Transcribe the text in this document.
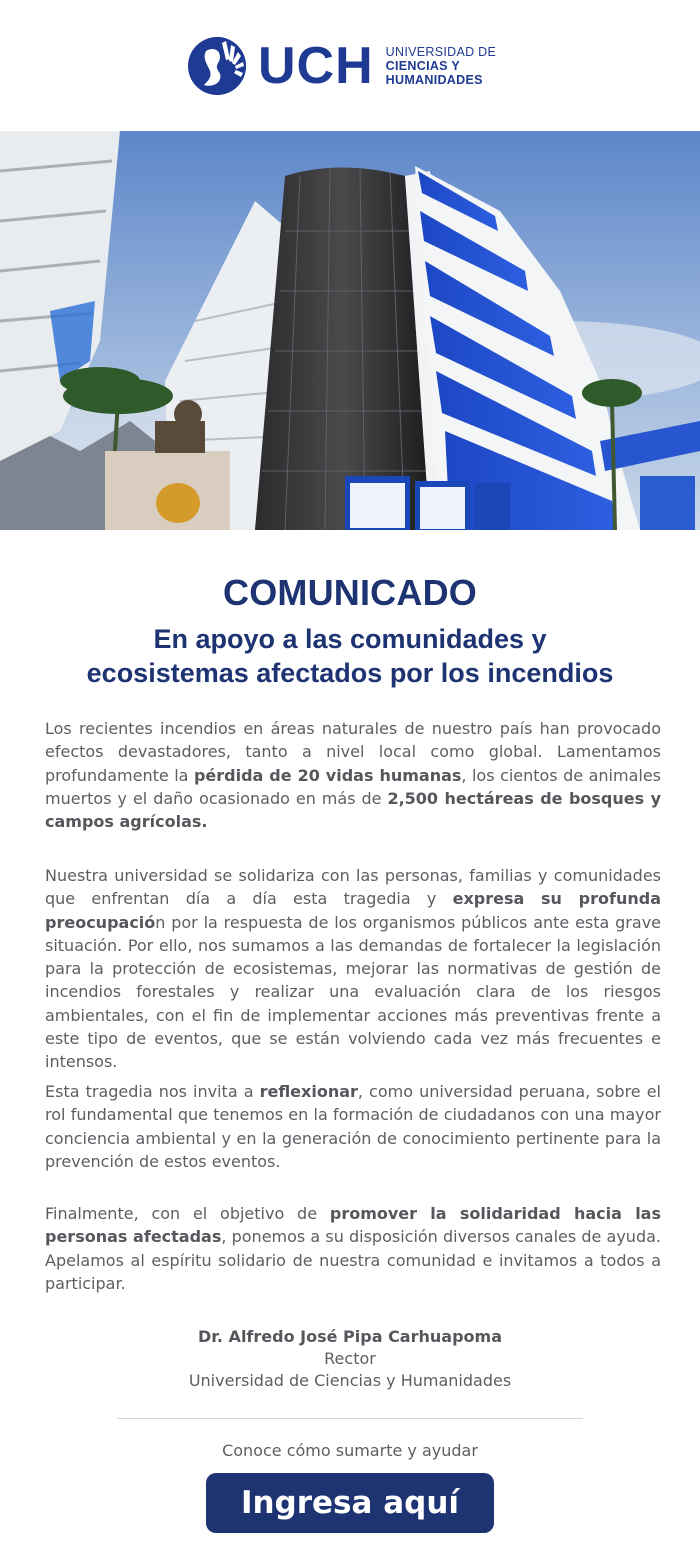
UCH UNIVERSIDAD DE
CIENCIAS Y
HUMANIDADES
COMUNICADO
En apoyo a las comunidades y
ecosistemas afectados por los incendios

Los recientes incendios en áreas naturales de nuestro país han provocado efectos devastadores, tanto a nivel local como global. Lamentamos profundamente la pérdida de 20 vidas humanas, los cientos de animales muertos y el daño ocasionado en más de 2,500 hectáreas de bosques y campos agrícolas.

Nuestra universidad se solidariza con las personas, familias y comunidades que enfrentan día a día esta tragedia y expresa su profunda preocupación por la respuesta de los organismos públicos ante esta grave situación. Por ello, nos sumamos a las demandas de fortalecer la legislación para la protección de ecosistemas, mejorar las normativas de gestión de incendios forestales y realizar una evaluación clara de los riesgos ambientales, con el fin de implementar acciones más preventivas frente a este tipo de eventos, que se están volviendo cada vez más frecuentes e intensos.

Esta tragedia nos invita a reflexionar, como universidad peruana, sobre el rol fundamental que tenemos en la formación de ciudadanos con una mayor conciencia ambiental y en la generación de conocimiento pertinente para la prevención de estos eventos.

Finalmente, con el objetivo de promover la solidaridad hacia las personas afectadas, ponemos a su disposición diversos canales de ayuda. Apelamos al espíritu solidario de nuestra comunidad e invitamos a todos a participar.

Dr. Alfredo José Pipa Carhuapoma
Rector
Universidad de Ciencias y Humanidades
Conoce cómo sumarte y ayudar
Ingresa aquí
